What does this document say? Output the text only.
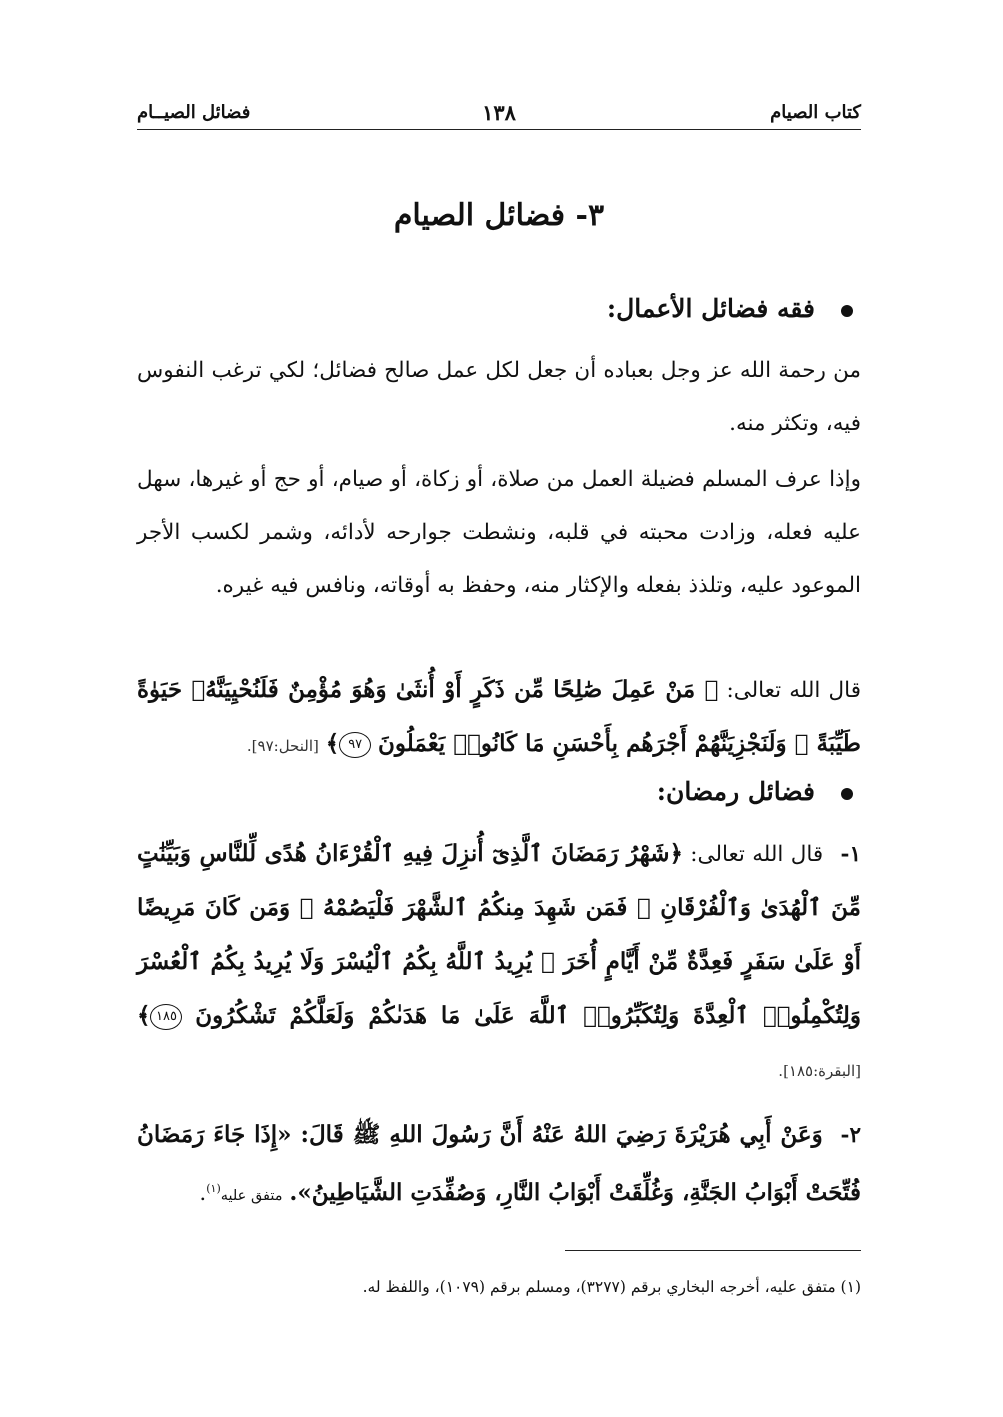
كتاب الصيام
١٣٨
فضائل الصيــام
٣- فضائل الصيام
فقه فضائل الأعمال:
من رحمة الله عز وجل بعباده أن جعل لكل عمل صالح فضائل؛ لكي ترغب النفوس فيه، وتكثر منه.
وإذا عرف المسلم فضيلة العمل من صلاة، أو زكاة، أو صيام، أو حج أو غيرها، سهل عليه فعله، وزادت محبته في قلبه، ونشطت جوارحه لأدائه، وشمر لكسب الأجر الموعود عليه، وتلذذ بفعله والإكثار منه، وحفظ به أوقاته، ونافس فيه غيره.
قال الله تعالى: ﴿ مَنْ عَمِلَ صَٰلِحًا مِّن ذَكَرٍ أَوْ أُنثَىٰ وَهُوَ مُؤْمِنٌ فَلَنُحْيِيَنَّهُۥ حَيَوٰةً طَيِّبَةً ۖ وَلَنَجْزِيَنَّهُمْ أَجْرَهُم بِأَحْسَنِ مَا كَانُوا۟ يَعْمَلُونَ ٩٧﴾ [النحل:٩٧].
فضائل رمضان:
١- قال الله تعالى: ﴿شَهْرُ رَمَضَانَ ٱلَّذِىٓ أُنزِلَ فِيهِ ٱلْقُرْءَانُ هُدًى لِّلنَّاسِ وَبَيِّنَٰتٍ مِّنَ ٱلْهُدَىٰ وَٱلْفُرْقَانِ ۚ فَمَن شَهِدَ مِنكُمُ ٱلشَّهْرَ فَلْيَصُمْهُ ۖ وَمَن كَانَ مَرِيضًا أَوْ عَلَىٰ سَفَرٍ فَعِدَّةٌ مِّنْ أَيَّامٍ أُخَرَ ۗ يُرِيدُ ٱللَّهُ بِكُمُ ٱلْيُسْرَ وَلَا يُرِيدُ بِكُمُ ٱلْعُسْرَ وَلِتُكْمِلُوا۟ ٱلْعِدَّةَ وَلِتُكَبِّرُوا۟ ٱللَّهَ عَلَىٰ مَا هَدَىٰكُمْ وَلَعَلَّكُمْ تَشْكُرُونَ ١٨٥﴾ [البقرة:١٨٥].
٢- وَعَنْ أَبِي هُرَيْرَةَ رَضِيَ اللهُ عَنْهُ أَنَّ رَسُولَ اللهِ ﷺ قَالَ: «إِذَا جَاءَ رَمَضَانُ فُتِّحَتْ أَبْوَابُ الجَنَّةِ، وَغُلِّقَتْ أَبْوَابُ النَّارِ، وَصُفِّدَتِ الشَّيَاطِينُ». متفق عليه$^{(١)}$.
(١) متفق عليه، أخرجه البخاري برقم (٣٢٧٧)، ومسلم برقم (١٠٧٩)، واللفظ له.
